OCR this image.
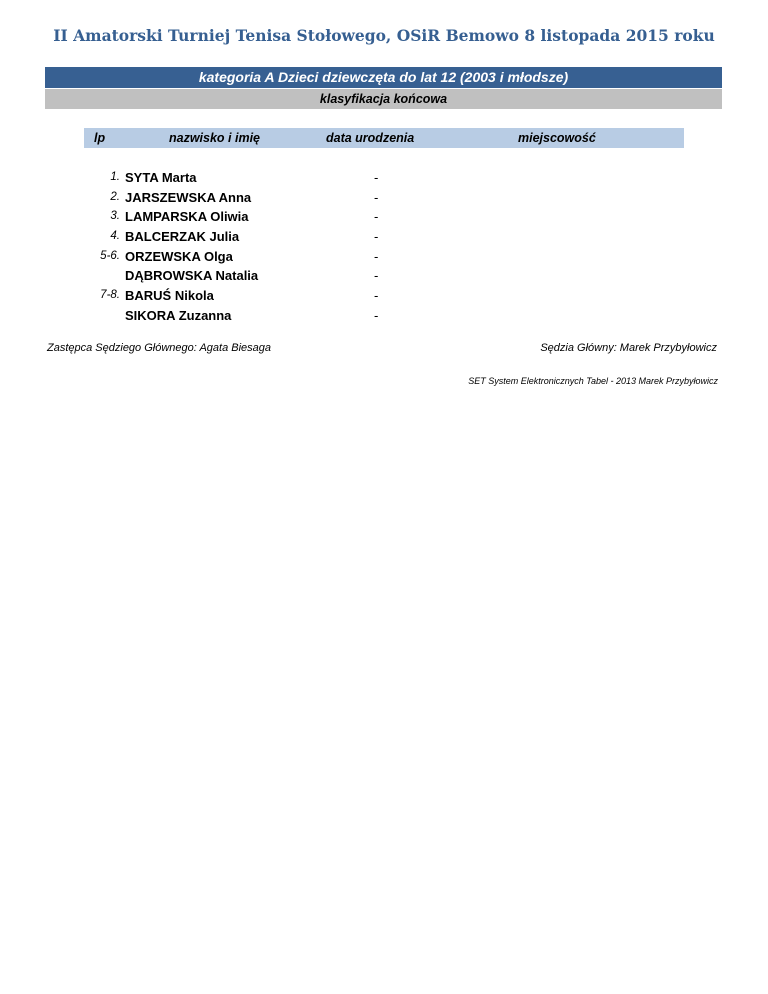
II Amatorski Turniej Tenisa Stołowego, OSiR Bemowo 8 listopada 2015 roku
kategoria A Dzieci dziewczęta do lat 12 (2003 i młodsze)
klasyfikacja końcowa
lp	nazwisko i imię	data urodzenia	miejscowość
1. SYTA Marta	-
2. JARSZEWSKA Anna	-
3. LAMPARSKA Oliwia	-
4. BALCERZAK Julia	-
5-6. ORZEWSKA Olga	-
DĄBROWSKA Natalia	-
7-8. BARUŚ Nikola	-
SIKORA Zuzanna	-
Zastępca Sędziego Głównego: Agata Biesaga	Sędzia Główny: Marek Przybyłowicz
SET System Elektronicznych Tabel - 2013 Marek Przybyłowicz
